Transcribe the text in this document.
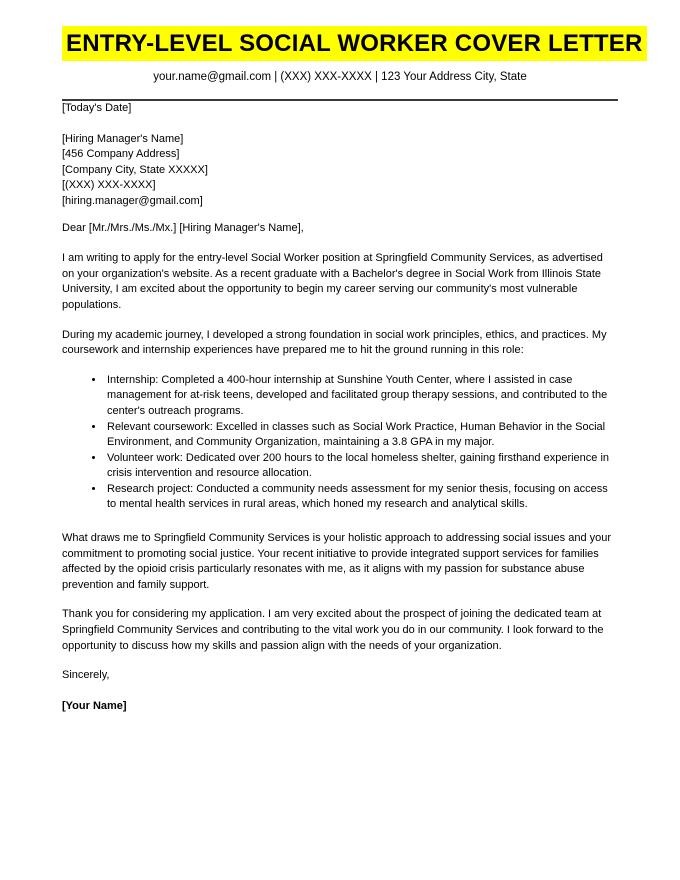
ENTRY-LEVEL SOCIAL WORKER COVER LETTER
your.name@gmail.com | (XXX) XXX-XXXX | 123 Your Address City, State

[Today's Date]

[Hiring Manager's Name]
[456 Company Address]
[Company City, State XXXXX]
[(XXX) XXX-XXXX]
[hiring.manager@gmail.com]

Dear [Mr./Mrs./Ms./Mx.] [Hiring Manager's Name],

I am writing to apply for the entry-level Social Worker position at Springfield Community Services, as advertised on your organization's website. As a recent graduate with a Bachelor's degree in Social Work from Illinois State University, I am excited about the opportunity to begin my career serving our community's most vulnerable populations.

During my academic journey, I developed a strong foundation in social work principles, ethics, and practices. My coursework and internship experiences have prepared me to hit the ground running in this role:

• Internship: Completed a 400-hour internship at Sunshine Youth Center, where I assisted in case management for at-risk teens, developed and facilitated group therapy sessions, and contributed to the center's outreach programs.
• Relevant coursework: Excelled in classes such as Social Work Practice, Human Behavior in the Social Environment, and Community Organization, maintaining a 3.8 GPA in my major.
• Volunteer work: Dedicated over 200 hours to the local homeless shelter, gaining firsthand experience in crisis intervention and resource allocation.
• Research project: Conducted a community needs assessment for my senior thesis, focusing on access to mental health services in rural areas, which honed my research and analytical skills.

What draws me to Springfield Community Services is your holistic approach to addressing social issues and your commitment to promoting social justice. Your recent initiative to provide integrated support services for families affected by the opioid crisis particularly resonates with me, as it aligns with my passion for substance abuse prevention and family support.

Thank you for considering my application. I am very excited about the prospect of joining the dedicated team at Springfield Community Services and contributing to the vital work you do in our community. I look forward to the opportunity to discuss how my skills and passion align with the needs of your organization.

Sincerely,

[Your Name]
